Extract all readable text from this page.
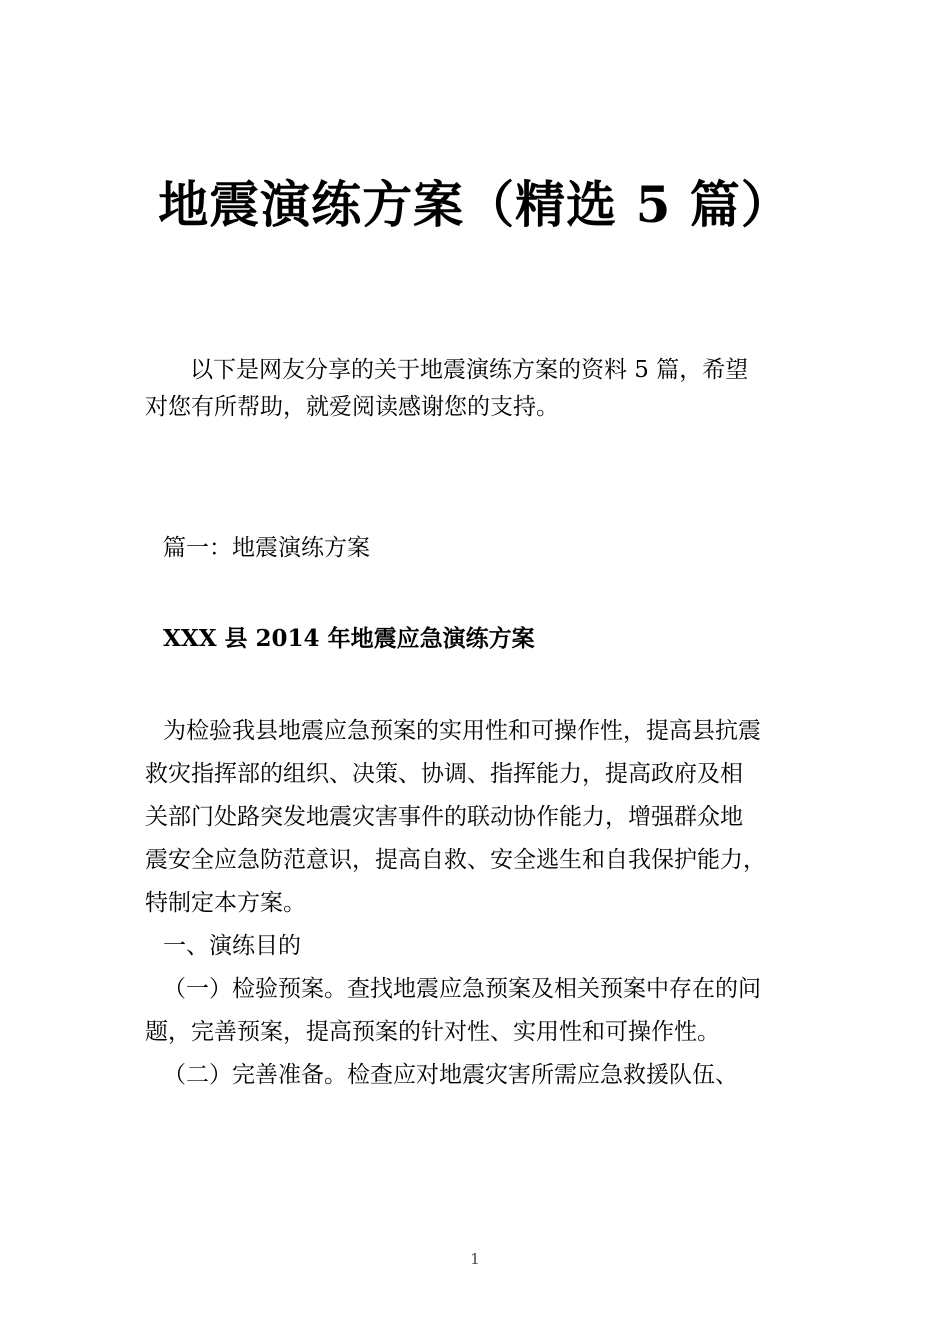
地震演练方案（精选 5 篇）
以下是网友分享的关于地震演练方案的资料 5 篇，希望
对您有所帮助，就爱阅读感谢您的支持。
篇一：地震演练方案
XXX 县 2014 年地震应急演练方案
为检验我县地震应急预案的实用性和可操作性，提高县抗震
救灾指挥部的组织、决策、协调、指挥能力，提高政府及相
关部门处路突发地震灾害事件的联动协作能力，增强群众地
震安全应急防范意识，提高自救、安全逃生和自我保护能力，
特制定本方案。
一、演练目的
（一）检验预案。查找地震应急预案及相关预案中存在的问
题，完善预案，提高预案的针对性、实用性和可操作性。
（二）完善准备。检查应对地震灾害所需应急救援队伍、
1
